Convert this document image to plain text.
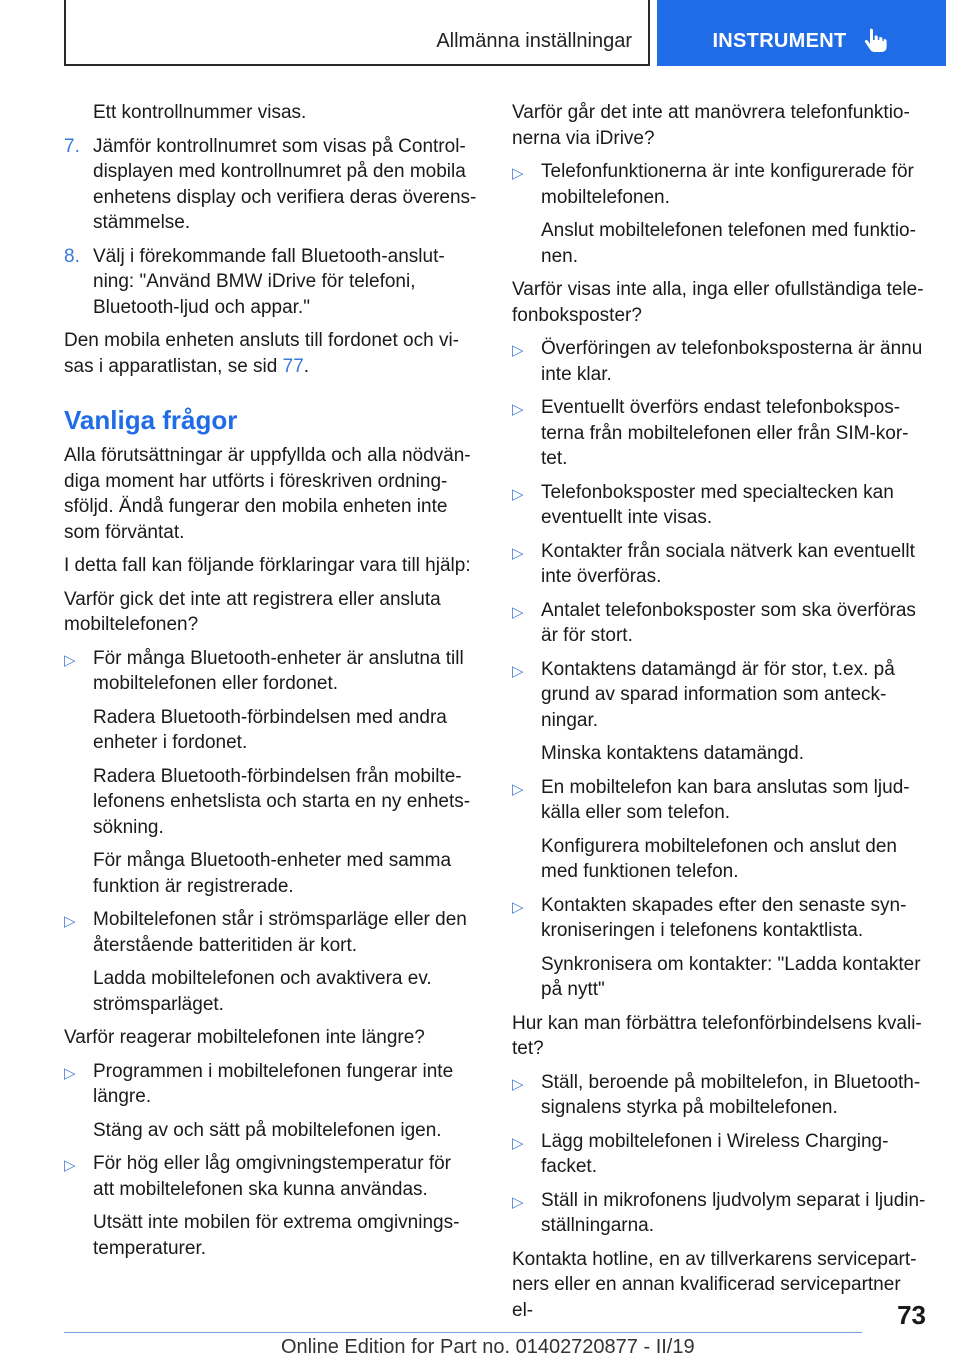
Allmänna inställningar	INSTRUMENT
Ett kontrollnummer visas.
7. Jämför kontrollnumret som visas på Control-displayen med kontrollnumret på den mobila enhetens display och verifiera deras överens-stämmelse.
8. Välj i förekommande fall Bluetooth-anslut-ning: "Använd BMW iDrive för telefoni, Bluetooth-ljud och appar."
Den mobila enheten ansluts till fordonet och vi-sas i apparatlistan, se sid 77.
Vanliga frågor
Alla förutsättningar är uppfyllda och alla nödvän-diga moment har utförts i föreskriven ordning-sföljd. Ändå fungerar den mobila enheten inte som förväntat.
I detta fall kan följande förklaringar vara till hjälp:
Varför gick det inte att registrera eller ansluta mobiltelefonen?
▷ För många Bluetooth-enheter är anslutna till mobiltelefonen eller fordonet.
Radera Bluetooth-förbindelsen med andra enheter i fordonet.
Radera Bluetooth-förbindelsen från mobilte-lefonens enhetslista och starta en ny enhets-sökning.
För många Bluetooth-enheter med samma funktion är registrerade.
▷ Mobiltelefonen står i strömsparläge eller den återstående batteritiden är kort.
Ladda mobiltelefonen och avaktivera ev. strömsparläget.
Varför reagerar mobiltelefonen inte längre?
▷ Programmen i mobiltelefonen fungerar inte längre.
Stäng av och sätt på mobiltelefonen igen.
▷ För hög eller låg omgivningstemperatur för att mobiltelefonen ska kunna användas.
Utsätt inte mobilen för extrema omgivnings-temperaturer.
Varför går det inte att manövrera telefonfunktio-nerna via iDrive?
▷ Telefonfunktionerna är inte konfigurerade för mobiltelefonen.
Anslut mobiltelefonen telefonen med funktio-nen.
Varför visas inte alla, inga eller ofullständiga tele-fonboksposter?
▷ Överföringen av telefonboksposterna är ännu inte klar.
▷ Eventuellt överförs endast telefonbokspos-terna från mobiltelefonen eller från SIM-kor-tet.
▷ Telefonboksposter med specialtecken kan eventuellt inte visas.
▷ Kontakter från sociala nätverk kan eventuellt inte överföras.
▷ Antalet telefonboksposter som ska överföras är för stort.
▷ Kontaktens datamängd är för stor, t.ex. på grund av sparad information som anteck-ningar.
Minska kontaktens datamängd.
▷ En mobiltelefon kan bara anslutas som ljud-källa eller som telefon.
Konfigurera mobiltelefonen och anslut den med funktionen telefon.
▷ Kontakten skapades efter den senaste syn-kroniseringen i telefonens kontaktlista.
Synkronisera om kontakter: "Ladda kontakter på nytt"
Hur kan man förbättra telefonförbindelsens kvali-tet?
▷ Ställ, beroende på mobiltelefon, in Bluetooth-signalens styrka på mobiltelefonen.
▷ Lägg mobiltelefonen i Wireless Charging-facket.
▷ Ställ in mikrofonens ljudvolym separat i ljudin-ställningarna.
Kontakta hotline, en av tillverkarens servicepart-ners eller en annan kvalificerad servicepartner el-	73
Online Edition for Part no. 01402720877 - II/19
